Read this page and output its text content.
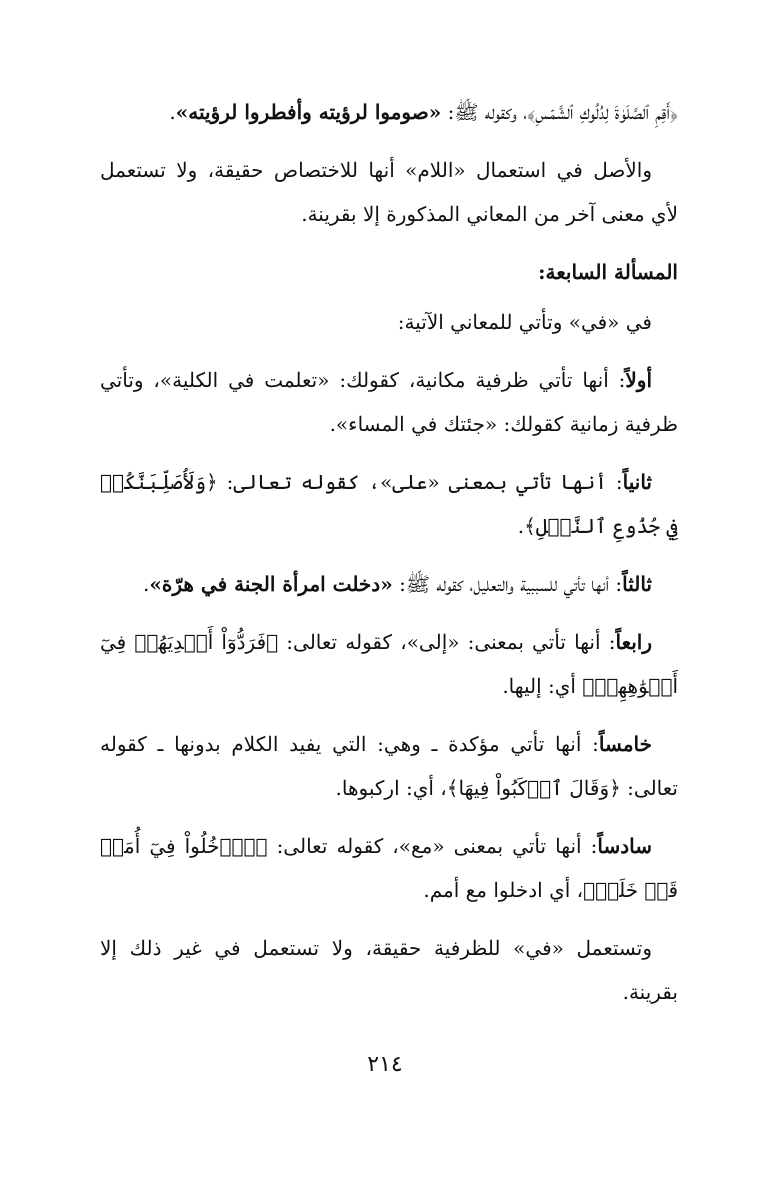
﴿أَقِمِ ٱلصَّلَوٰةَ لِدُلُوكِ ٱلشَّمۡسِ﴾، وكقوله ﷺ: «صوموا لرؤيته وأفطروا لرؤيته».

والأصل في استعمال «اللام» أنها للاختصاص حقيقة، ولا تستعمل لأي معنى آخر من المعاني المذكورة إلا بقرينة.

المسألة السابعة:

في «في» وتأتي للمعاني الآتية:

أولاً: أنها تأتي ظرفية مكانية، كقولك: «تعلمت في الكلية»، وتأتي ظرفية زمانية كقولك: «جئتك في المساء».

ثانياً: أنها تأتي بمعنى «على»، كقوله تعالى: ﴿وَلَأُصَلِّبَنَّكُمۡ فِي جُذُوعِ ٱلنَّخۡلِ﴾.

ثالثاً: أنها تأتي للسببية والتعليل، كقوله ﷺ: «دخلت امرأة الجنة في هرّة».

رابعاً: أنها تأتي بمعنى: «إلى»، كقوله تعالى: ﴿فَرَدُّوٓاْ أَيۡدِيَهُمۡ فِيٓ أَفۡوَٰهِهِمۡ﴾ أي: إليها.

خامساً: أنها تأتي مؤكدة ـ وهي: التي يفيد الكلام بدونها ـ كقوله تعالى: ﴿وَقَالَ ٱرۡكَبُواْ فِيهَا﴾، أي: اركبوها.

سادساً: أنها تأتي بمعنى «مع»، كقوله تعالى: ﴿ٱدۡخُلُواْ فِيٓ أُمَمٖ قَدۡ خَلَتۡ﴾، أي ادخلوا مع أمم.

وتستعمل «في» للظرفية حقيقة، ولا تستعمل في غير ذلك إلا بقرينة.

٢١٤
